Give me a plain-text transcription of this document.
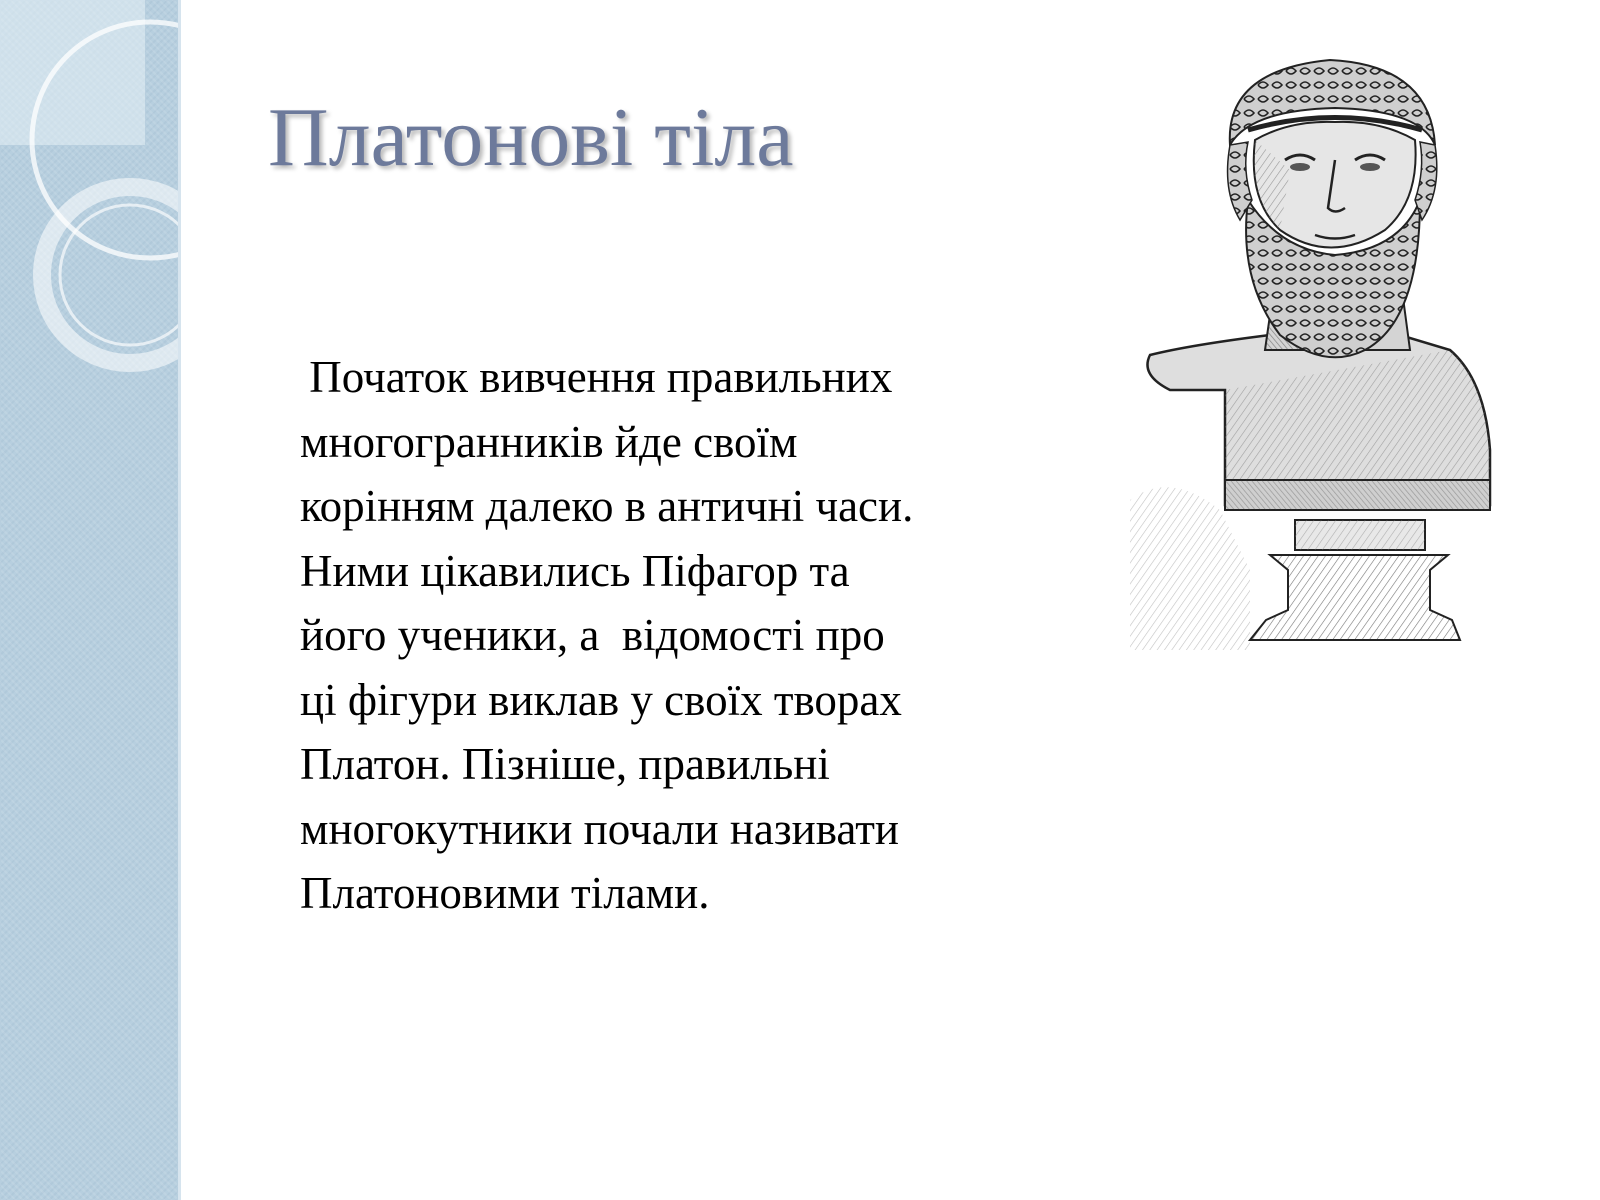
Платонові тіла
Початок вивчення правильних
многогранників йде своїм
корінням далеко в античні часи.
Ними цікавились Піфагор та
його ученики, а  відомості про
ці фігури виклав у своїх творах
Платон. Пізніше, правильні
многокутники почали називати
Платоновими тілами.
